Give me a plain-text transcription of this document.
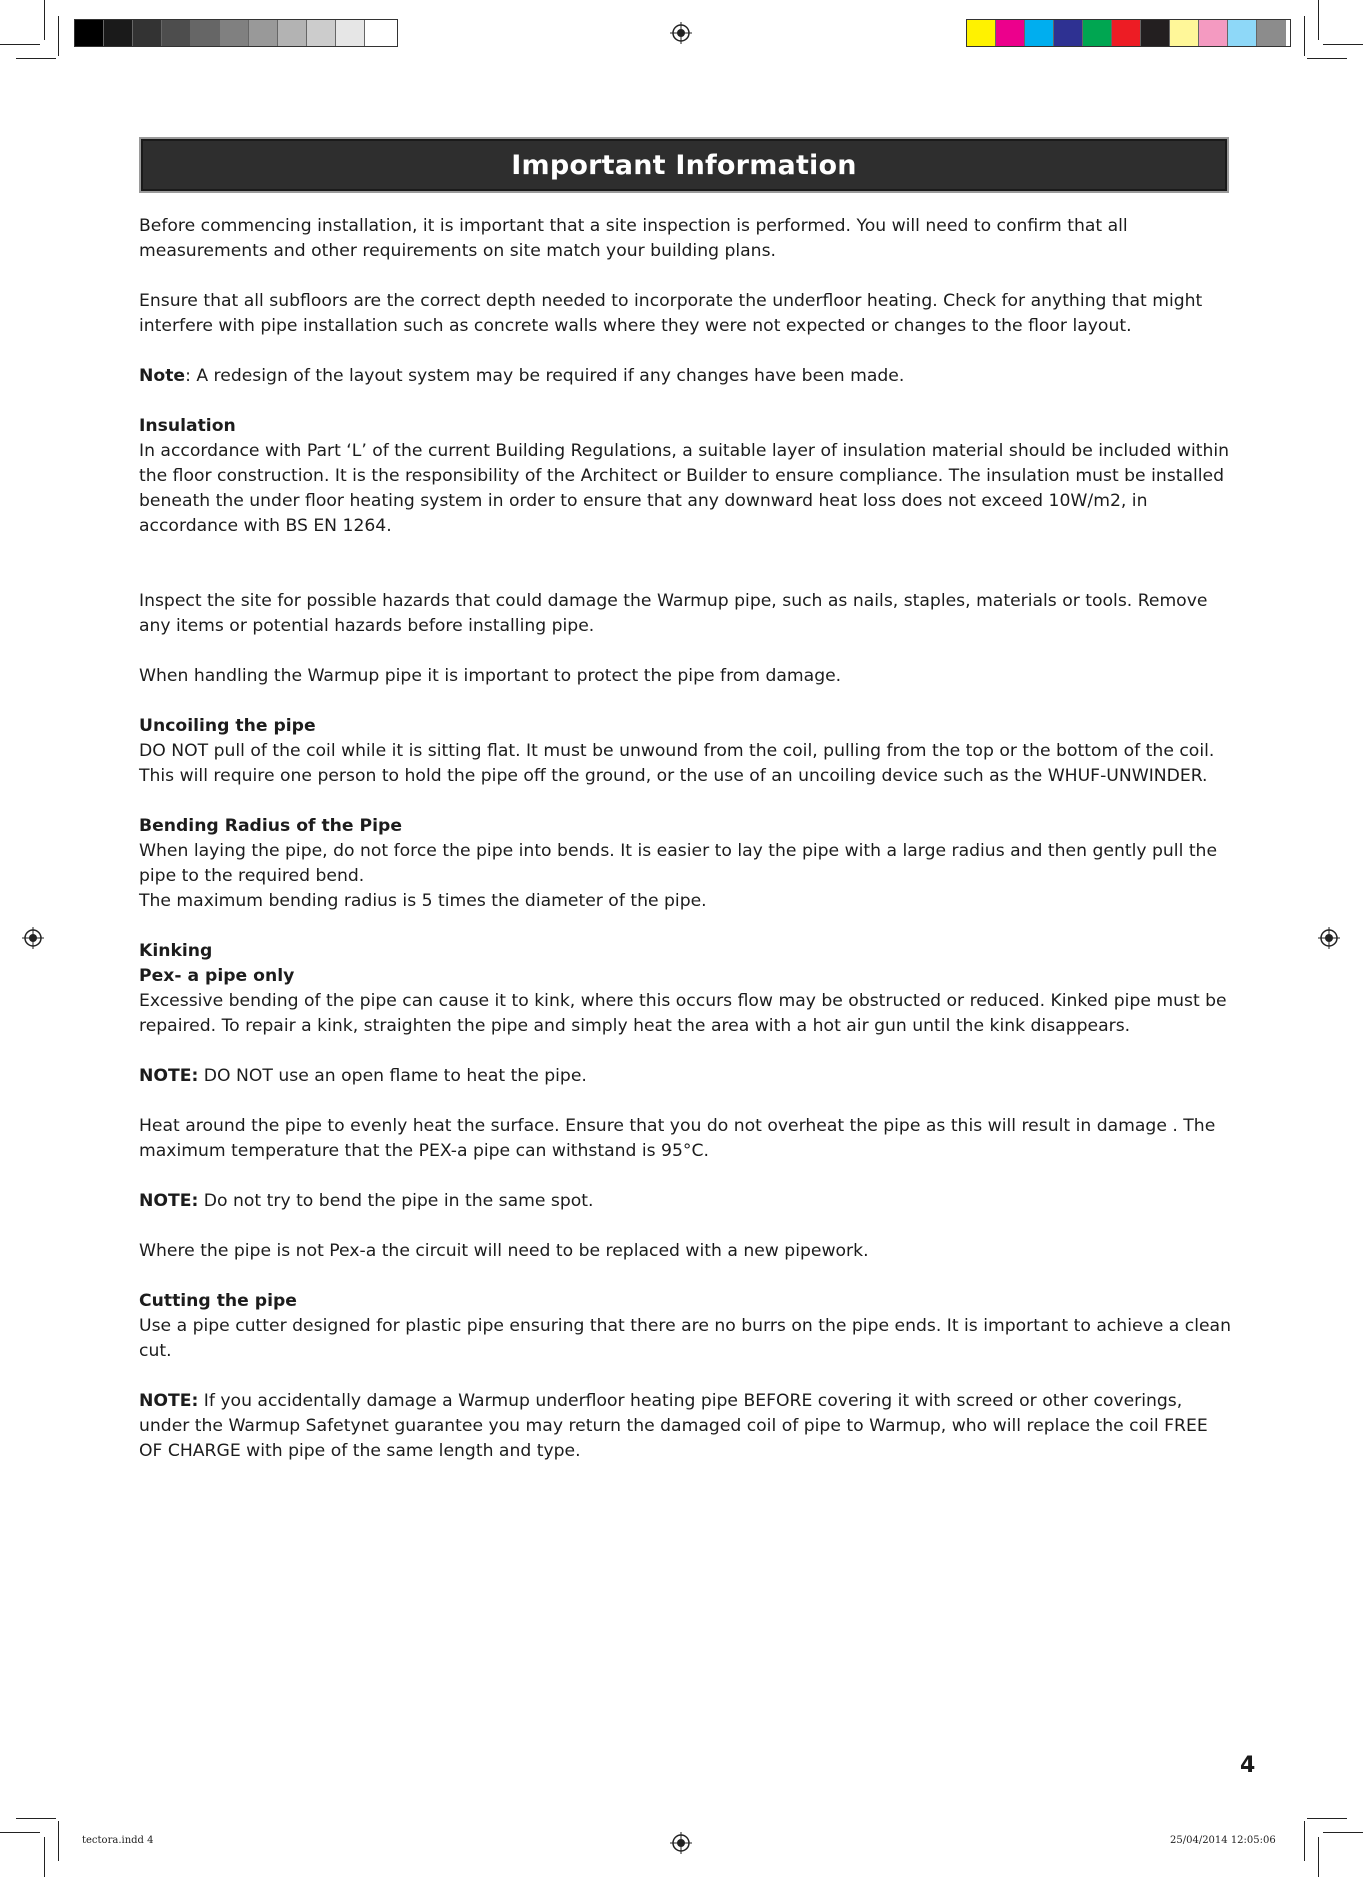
Important Information

Before commencing installation, it is important that a site inspection is performed. You will need to confirm that all measurements and other requirements on site match your building plans.

Ensure that all subfloors are the correct depth needed to incorporate the underfloor heating. Check for anything that might interfere with pipe installation such as concrete walls where they were not expected or changes to the floor layout.

Note: A redesign of the layout system may be required if any changes have been made.

Insulation
In accordance with Part ‘L’ of the current Building Regulations, a suitable layer of insulation material should be included within the floor construction. It is the responsibility of the Architect or Builder to ensure compliance. The insulation must be installed beneath the under floor heating system in order to ensure that any downward heat loss does not exceed 10W/m2, in accordance with BS EN 1264.

Inspect the site for possible hazards that could damage the Warmup pipe, such as nails, staples, materials or tools. Remove any items or potential hazards before installing pipe.

When handling the Warmup pipe it is important to protect the pipe from damage.

Uncoiling the pipe
DO NOT pull of the coil while it is sitting flat. It must be unwound from the coil, pulling from the top or the bottom of the coil. This will require one person to hold the pipe off the ground, or the use of an uncoiling device such as the WHUF-UNWINDER.

Bending Radius of the Pipe
When laying the pipe, do not force the pipe into bends. It is easier to lay the pipe with a large radius and then gently pull the pipe to the required bend.
The maximum bending radius is 5 times the diameter of the pipe.

Kinking
Pex- a pipe only
Excessive bending of the pipe can cause it to kink, where this occurs flow may be obstructed or reduced. Kinked pipe must be repaired. To repair a kink, straighten the pipe and simply heat the area with a hot air gun until the kink disappears.

NOTE: DO NOT use an open flame to heat the pipe.

Heat around the pipe to evenly heat the surface. Ensure that you do not overheat the pipe as this will result in damage . The maximum temperature that the PEX-a pipe can withstand is 95°C.

NOTE: Do not try to bend the pipe in the same spot.

Where the pipe is not Pex-a the circuit will need to be replaced with a new pipework.

Cutting the pipe
Use a pipe cutter designed for plastic pipe ensuring that there are no burrs on the pipe ends. It is important to achieve a clean cut.

NOTE: If you accidentally damage a Warmup underfloor heating pipe BEFORE covering it with screed or other coverings, under the Warmup Safetynet guarantee you may return the damaged coil of pipe to Warmup, who will replace the coil FREE OF CHARGE with pipe of the same length and type.

4
tectora.indd 4	25/04/2014 12:05:06
